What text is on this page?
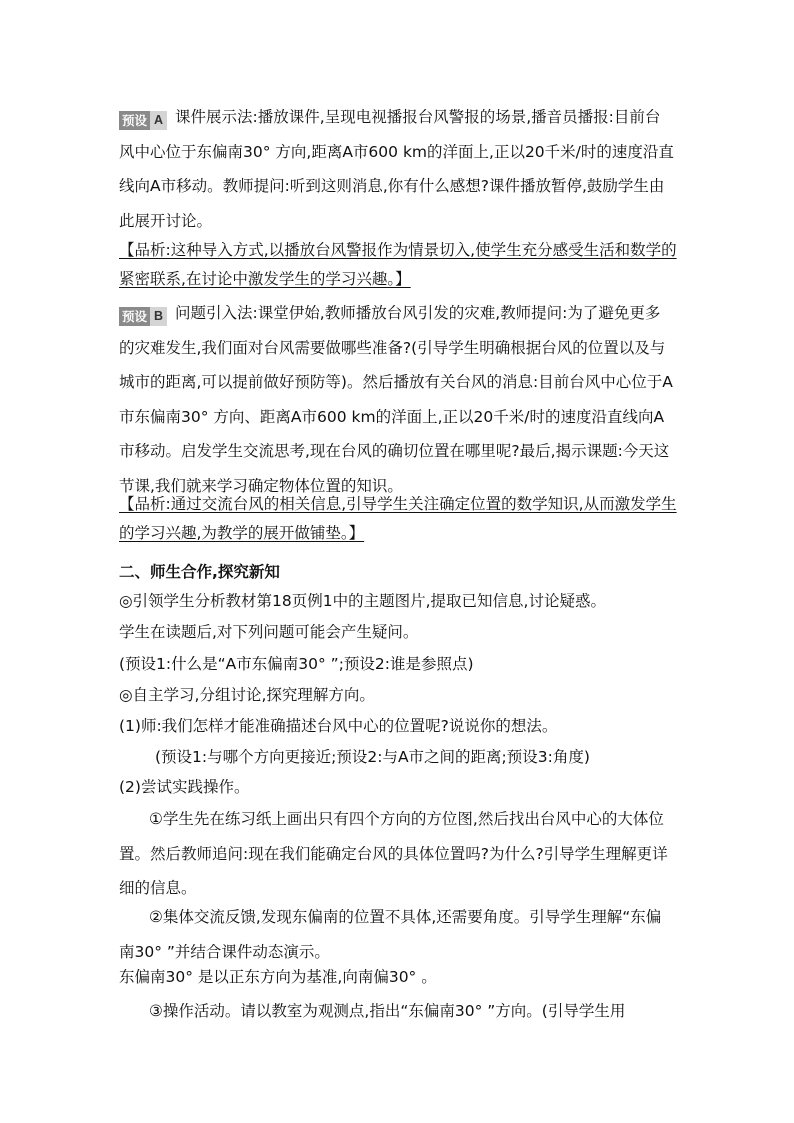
预设 A 课件展示法:播放课件,呈现电视播报台风警报的场景,播音员播报:目前台风中心位于东偏南30° 方向,距离A市600 km的洋面上,正以20千米/时的速度沿直线向A市移动。教师提问:听到这则消息,你有什么感想?课件播放暂停,鼓励学生由此展开讨论。

【品析:这种导入方式,以播放台风警报作为情景切入,使学生充分感受生活和数学的紧密联系,在讨论中激发学生的学习兴趣。】

预设 B 问题引入法:课堂伊始,教师播放台风引发的灾难,教师提问:为了避免更多的灾难发生,我们面对台风需要做哪些准备?(引导学生明确根据台风的位置以及与城市的距离,可以提前做好预防等)。然后播放有关台风的消息:目前台风中心位于A市东偏南30° 方向、距离A市600 km的洋面上,正以20千米/时的速度沿直线向A市移动。启发学生交流思考,现在台风的确切位置在哪里呢?最后,揭示课题:今天这节课,我们就来学习确定物体位置的知识。

【品析:通过交流台风的相关信息,引导学生关注确定位置的数学知识,从而激发学生的学习兴趣,为教学的展开做铺垫。】

二、师生合作,探究新知
◎引领学生分析教材第18页例1中的主题图片,提取已知信息,讨论疑惑。
学生在读题后,对下列问题可能会产生疑问。
(预设1:什么是“A市东偏南30° ”;预设2:谁是参照点)
◎自主学习,分组讨论,探究理解方向。
(1)师:我们怎样才能准确描述台风中心的位置呢?说说你的想法。
(预设1:与哪个方向更接近;预设2:与A市之间的距离;预设3:角度)
(2)尝试实践操作。

①学生先在练习纸上画出只有四个方向的方位图,然后找出台风中心的大体位置。然后教师追问:现在我们能确定台风的具体位置吗?为什么?引导学生理解更详细的信息。

②集体交流反馈,发现东偏南的位置不具体,还需要角度。引导学生理解“东偏南30° ”并结合课件动态演示。

东偏南30° 是以正东方向为基准,向南偏30° 。
③操作活动。请以教室为观测点,指出“东偏南30° ”方向。(引导学生用
